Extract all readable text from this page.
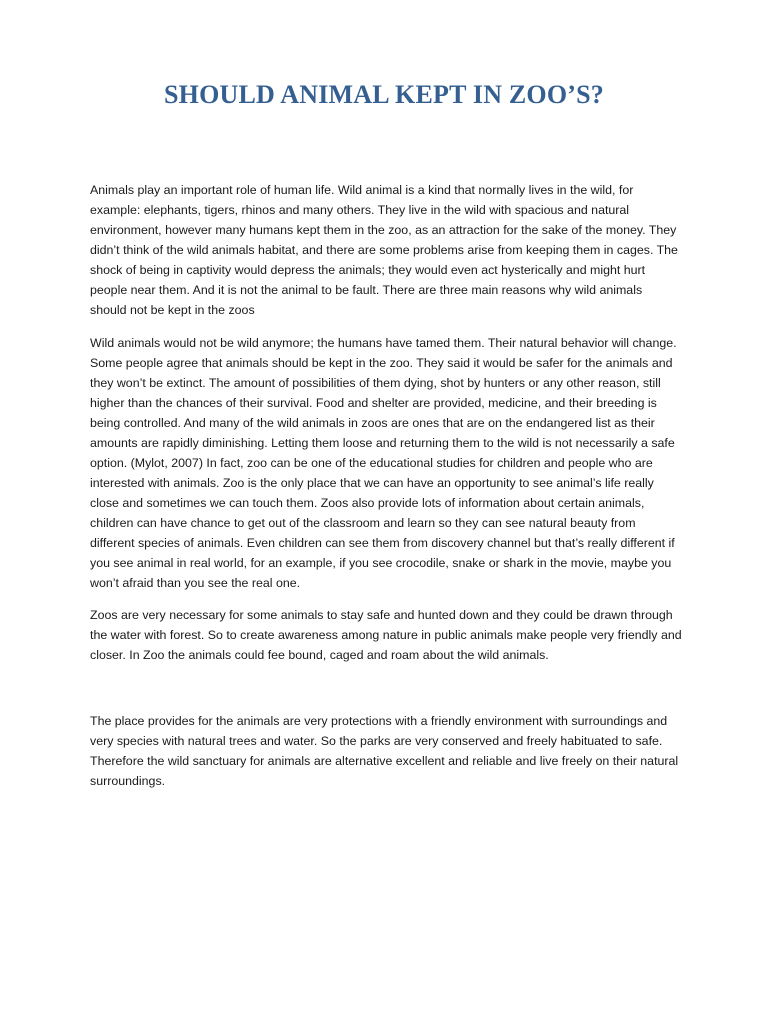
SHOULD ANIMAL KEPT IN ZOO’S?

Animals play an important role of human life. Wild animal is a kind that normally lives in the wild, for example: elephants, tigers, rhinos and many others. They live in the wild with spacious and natural environment, however many humans kept them in the zoo, as an attraction for the sake of the money. They didn’t think of the wild animals habitat, and there are some problems arise from keeping them in cages. The shock of being in captivity would depress the animals; they would even act hysterically and might hurt people near them. And it is not the animal to be fault. There are three main reasons why wild animals should not be kept in the zoos

Wild animals would not be wild anymore; the humans have tamed them. Their natural behavior will change. Some people agree that animals should be kept in the zoo. They said it would be safer for the animals and they won’t be extinct. The amount of possibilities of them dying, shot by hunters or any other reason, still higher than the chances of their survival. Food and shelter are provided, medicine, and their breeding is being controlled. And many of the wild animals in zoos are ones that are on the endangered list as their amounts are rapidly diminishing. Letting them loose and returning them to the wild is not necessarily a safe option. (Mylot, 2007) In fact, zoo can be one of the educational studies for children and people who are interested with animals. Zoo is the only place that we can have an opportunity to see animal’s life really close and sometimes we can touch them. Zoos also provide lots of information about certain animals, children can have chance to get out of the classroom and learn so they can see natural beauty from different species of animals. Even children can see them from discovery channel but that’s really different if you see animal in real world, for an example, if you see crocodile, snake or shark in the movie, maybe you won’t afraid than you see the real one.

Zoos are very necessary for some animals to stay safe and hunted down and they could be drawn through the water with forest. So to create awareness among nature in public animals make people very friendly and closer. In Zoo the animals could fee bound, caged and roam about the wild animals.

The place provides for the animals are very protections with a friendly environment with surroundings and very species with natural trees and water. So the parks are very conserved and freely habituated to safe. Therefore the wild sanctuary for animals are alternative excellent and reliable and live freely on their natural surroundings.
